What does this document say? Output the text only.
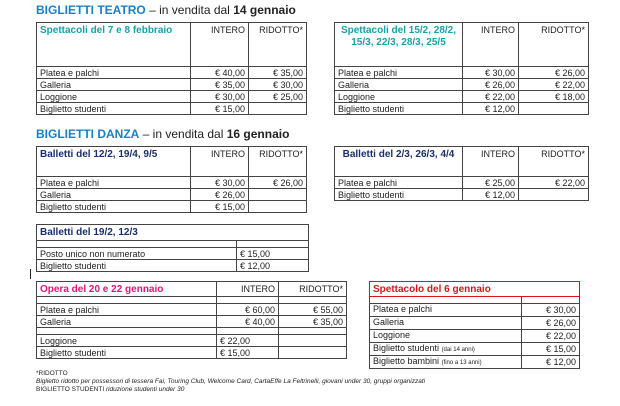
BIGLIETTI TEATRO – in vendita dal 14 gennaio
Spettacoli del 7 e 8 febbraio	INTERO	RIDOTTO*
Platea e palchi	€ 40,00	€ 35,00
Galleria	€ 35,00	€ 30,00
Loggione	€ 30,00	€ 25,00
Biglietto studenti	€ 15,00	
Spettacoli del 15/2, 28/2, 15/3, 22/3, 28/3, 25/5	INTERO	RIDOTTO*
Platea e palchi	€ 30,00	€ 26,00
Galleria	€ 26,00	€ 22,00
Loggione	€ 22,00	€ 18,00
Biglietto studenti	€ 12,00	
BIGLIETTI DANZA – in vendita dal 16 gennaio
Balletti del 12/2, 19/4, 9/5	INTERO	RIDOTTO*
Platea e palchi	€ 30,00	€ 26,00
Galleria	€ 26,00	
Biglietto studenti	€ 15,00	
Balletti del 2/3, 26/3, 4/4	INTERO	RIDOTTO*
Platea e palchi	€ 25,00	€ 22,00
Biglietto studenti	€ 12,00	
Balletti del 19/2, 12/3	

Posto unico non numerato	€ 15,00
Biglietto studenti	€ 12,00
Opera del 20 e 22 gennaio	INTERO	RIDOTTO*

Platea e palchi	€ 60,00	€ 55,00
Galleria	€ 40,00	€ 35,00

Loggione	€ 22,00	
Biglietto studenti	€ 15,00	
Spettacolo del 6 gennaio	

Platea e palchi	€ 30,00
Galleria	€ 26,00
Loggione	€ 22,00
Biglietto studenti (dai 14 anni)	€ 15,00
Biglietto bambini (fino a 13 anni)	€ 12,00
*RIDOTTO
Biglietto ridotto per possessori di tessera Fai, Touring Club, Welcome Card, CartaEffe La Feltrinelli, giovani under 30, gruppi organizzati
BIGLIETTO STUDENTI riduzione studenti under 30
